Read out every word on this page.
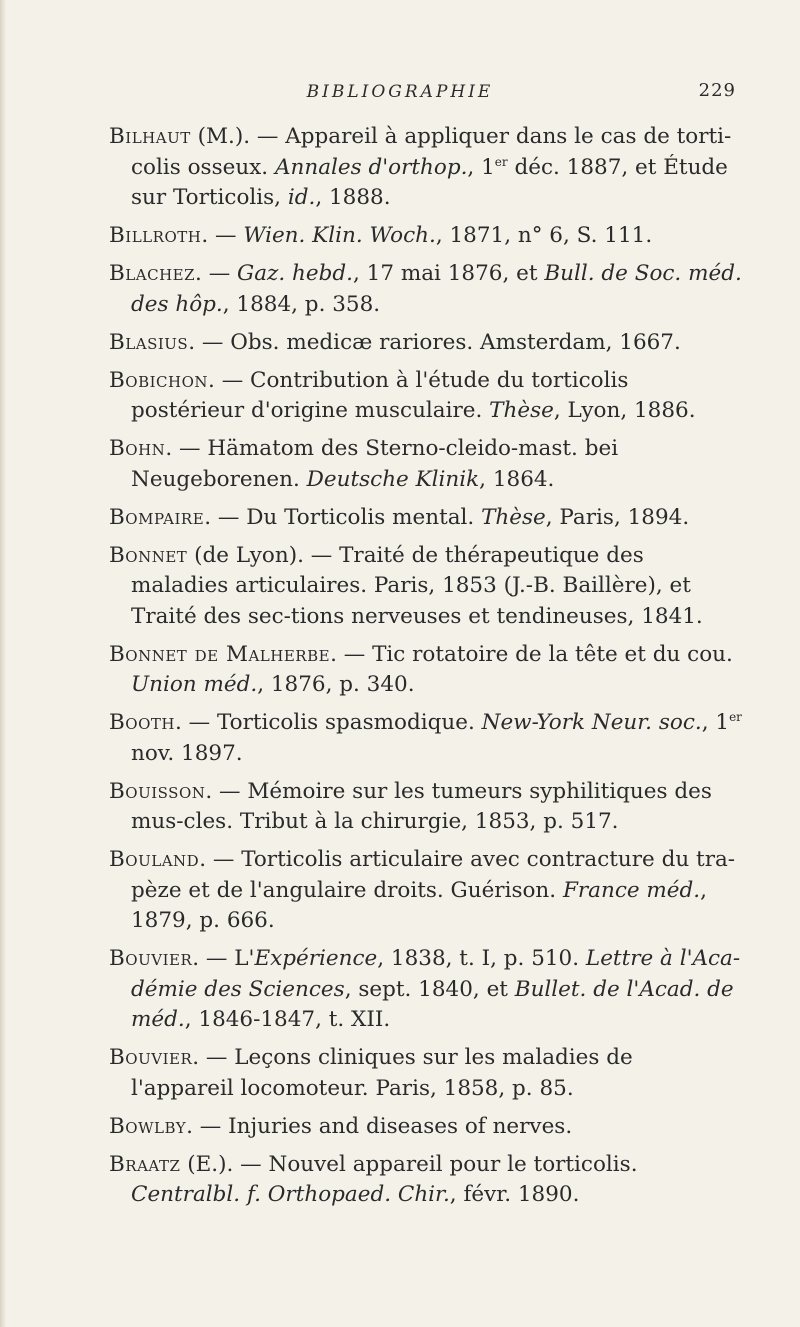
BIBLIOGRAPHIE	229

Bilhaut (M.). — Appareil à appliquer dans le cas de torti-colis osseux. Annales d'orthop., 1er déc. 1887, et Étude sur Torticolis, id., 1888.

Billroth. — Wien. Klin. Woch., 1871, n° 6, S. 111.

Blachez. — Gaz. hebd., 17 mai 1876, et Bull. de Soc. méd. des hôp., 1884, p. 358.

Blasius. — Obs. medicæ rariores. Amsterdam, 1667.

Bobichon. — Contribution à l'étude du torticolis postérieur d'origine musculaire. Thèse, Lyon, 1886.

Bohn. — Hämatom des Sterno-cleido-mast. bei Neugeborenen. Deutsche Klinik, 1864.

Bompaire. — Du Torticolis mental. Thèse, Paris, 1894.

Bonnet (de Lyon). — Traité de thérapeutique des maladies articulaires. Paris, 1853 (J.-B. Baillère), et Traité des sec-tions nerveuses et tendineuses, 1841.

Bonnet de Malherbe. — Tic rotatoire de la tête et du cou. Union méd., 1876, p. 340.

Booth. — Torticolis spasmodique. New-York Neur. soc., 1er nov. 1897.

Bouisson. — Mémoire sur les tumeurs syphilitiques des mus-cles. Tribut à la chirurgie, 1853, p. 517.

Bouland. — Torticolis articulaire avec contracture du tra-pèze et de l'angulaire droits. Guérison. France méd., 1879, p. 666.

Bouvier. — L'Expérience, 1838, t. I, p. 510. Lettre à l'Aca-démie des Sciences, sept. 1840, et Bullet. de l'Acad. de méd., 1846-1847, t. XII.

Bouvier. — Leçons cliniques sur les maladies de l'appareil locomoteur. Paris, 1858, p. 85.

Bowlby. — Injuries and diseases of nerves.

Braatz (E.). — Nouvel appareil pour le torticolis. Centralbl. f. Orthopaed. Chir., févr. 1890.
